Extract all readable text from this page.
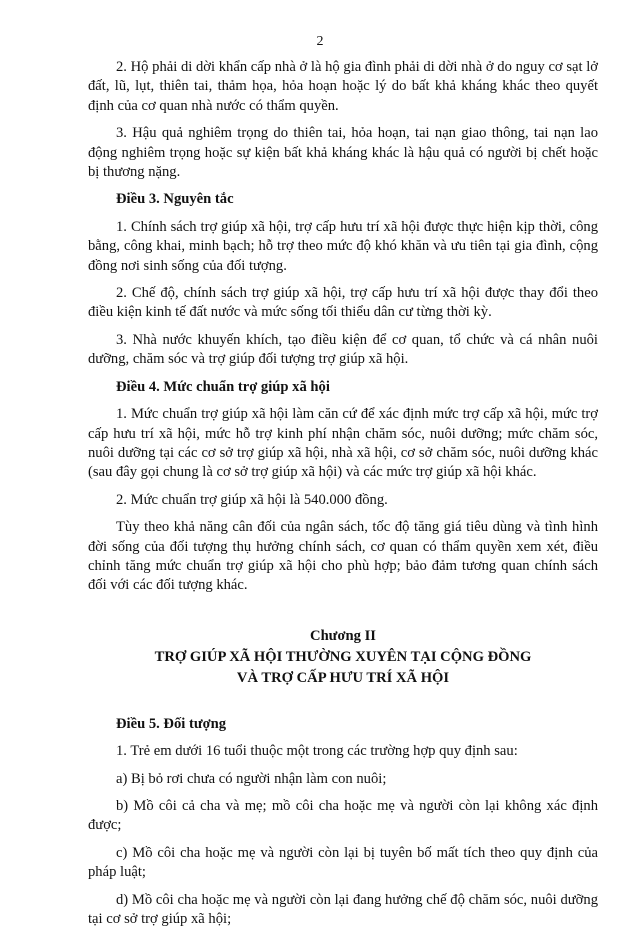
2

2. Hộ phải di dời khẩn cấp nhà ở là hộ gia đình phải di dời nhà ở do nguy cơ sạt lở đất, lũ, lụt, thiên tai, thảm họa, hỏa hoạn hoặc lý do bất khả kháng khác theo quyết định của cơ quan nhà nước có thẩm quyền.

3. Hậu quả nghiêm trọng do thiên tai, hỏa hoạn, tai nạn giao thông, tai nạn lao động nghiêm trọng hoặc sự kiện bất khả kháng khác là hậu quả có người bị chết hoặc bị thương nặng.

Điều 3. Nguyên tắc

1. Chính sách trợ giúp xã hội, trợ cấp hưu trí xã hội được thực hiện kịp thời, công bằng, công khai, minh bạch; hỗ trợ theo mức độ khó khăn và ưu tiên tại gia đình, cộng đồng nơi sinh sống của đối tượng.

2. Chế độ, chính sách trợ giúp xã hội, trợ cấp hưu trí xã hội được thay đổi theo điều kiện kinh tế đất nước và mức sống tối thiểu dân cư từng thời kỳ.

3. Nhà nước khuyến khích, tạo điều kiện để cơ quan, tổ chức và cá nhân nuôi dưỡng, chăm sóc và trợ giúp đối tượng trợ giúp xã hội.

Điều 4. Mức chuẩn trợ giúp xã hội

1. Mức chuẩn trợ giúp xã hội làm căn cứ để xác định mức trợ cấp xã hội, mức trợ cấp hưu trí xã hội, mức hỗ trợ kinh phí nhận chăm sóc, nuôi dưỡng; mức chăm sóc, nuôi dưỡng tại các cơ sở trợ giúp xã hội, nhà xã hội, cơ sở chăm sóc, nuôi dưỡng khác (sau đây gọi chung là cơ sở trợ giúp xã hội) và các mức trợ giúp xã hội khác.

2. Mức chuẩn trợ giúp xã hội là 540.000 đồng.

Tùy theo khả năng cân đối của ngân sách, tốc độ tăng giá tiêu dùng và tình hình đời sống của đối tượng thụ hưởng chính sách, cơ quan có thẩm quyền xem xét, điều chỉnh tăng mức chuẩn trợ giúp xã hội cho phù hợp; bảo đảm tương quan chính sách đối với các đối tượng khác.

Chương II
TRỢ GIÚP XÃ HỘI THƯỜNG XUYÊN TẠI CỘNG ĐỒNG
VÀ TRỢ CẤP HƯU TRÍ XÃ HỘI

Điều 5. Đối tượng

1. Trẻ em dưới 16 tuổi thuộc một trong các trường hợp quy định sau:

a) Bị bỏ rơi chưa có người nhận làm con nuôi;

b) Mồ côi cả cha và mẹ; mồ côi cha hoặc mẹ và người còn lại không xác định được;

c) Mồ côi cha hoặc mẹ và người còn lại bị tuyên bố mất tích theo quy định của pháp luật;

d) Mồ côi cha hoặc mẹ và người còn lại đang hưởng chế độ chăm sóc, nuôi dưỡng tại cơ sở trợ giúp xã hội;
